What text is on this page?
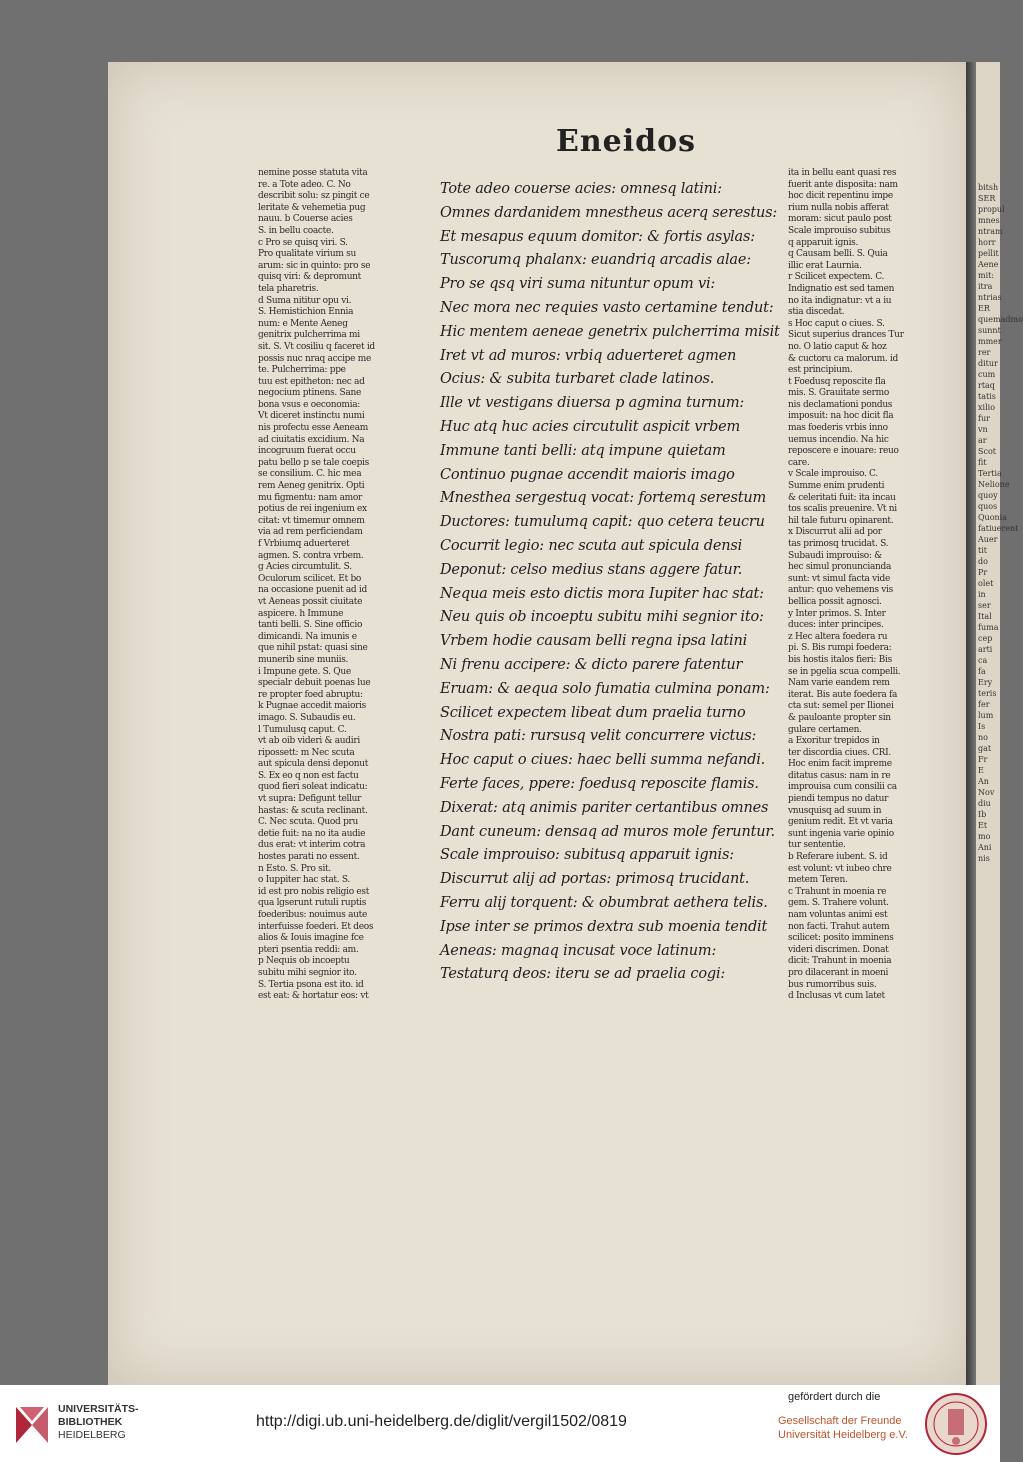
bitsh
SER
propul
mnes
ntram
horr
pellit
Aene
mit:
itra
ntrias
ER
quemadmo
sunnt
mmer
rer
ditur
cum
rtaq
tatis
xilio
fur
vn
ar
Scot
fit
Tertia
Nelione
quoy
quos
Quonia
fatiuerent
Auer
tit
do
Pr
olet
in
ser
Ital
fuma
cep
arti
ca
fa
Ery
teris
fer
lum
Is
no
gat
Fr
E
An
Nov
diu
Ib
Et
mo
Ani
nis
Eneidos
nemine posse statuta vita
re. a Tote adeo. C. No
describit solu: sz pingit ce
leritate & vehemetia pug
nauu. b Couerse acies
S. in bellu coacte.
c Pro se quisq viri. S.
Pro qualitate virium su
arum: sic in quinto: pro se
quisq viri: & depromunt
tela pharetris.
d Suma nititur opu vi.
S. Hemistichion Ennia
num: e Mente Aeneg
genitrix pulcherrima mi
sit. S. Vt cosiliu q faceret id
possis nuc nraq accipe me
te. Pulcherrima: ppe
tuu est epitheton: nec ad
negocium ptinens. Sane
bona vsus e oeconomia:
Vt diceret instinctu numi
nis profectu esse Aeneam
ad ciuitatis excidium. Na
incogruum fuerat occu
patu bello p se tale coepis
se consilium. C. hic mea
rem Aeneg genitrix. Opti
mu figmentu: nam amor
potius de rei ingenium ex
citat: vt timemur omnem
via ad rem perficiendam
f Vrbiumq aduerteret
agmen. S. contra vrbem.
g Acies circumtulit. S.
Oculorum scilicet. Et bo
na occasione puenit ad id
vt Aeneas possit ciuitate
aspicere. h Immune
tanti belli. S. Sine officio
dimicandi. Na imunis e
que nihil pstat: quasi sine
munerib sine muniis.
i Impune gete. S. Que
specialr debuit poenas lue
re propter foed abruptu:
k Pugnae accedit maioris
imago. S. Subaudis eu.
l Tumulusq caput. C.
vt ab oib videri & audiri
ripossett: m Nec scuta
aut spicula densi deponut
S. Ex eo q non est factu
quod fieri soleat indicatu:
vt supra: Defigunt tellur
hastas: & scuta reclinant.
C. Nec scuta. Quod pru
detie fuit: na no ita audie
dus erat: vt interim cotra
hostes parati no essent.
n Esto. S. Pro sit.
o Iuppiter hac stat. S.
id est pro nobis religio est
qua lgserunt rutuli ruptis
foederibus: nouimus aute
interfuisse foederi. Et deos
alios & Iouis imagine fce
pteri psentia reddi: am.
p Nequis ob incoeptu
subitu mihi segnior ito.
S. Tertia psona est ito. id
est eat: & hortatur eos: vt
Tote adeo couerse acies: omnesq latini:
Omnes dardanidem mnestheus acerq serestus:
Et mesapus equum domitor: & fortis asylas:
Tuscorumq phalanx: euandriq arcadis alae:
Pro se qsq viri suma nituntur opum vi:
Nec mora nec requies vasto certamine tendut:
Hic mentem aeneae genetrix pulcherrima misit
Iret vt ad muros: vrbiq aduerteret agmen
Ocius: & subita turbaret clade latinos.
Ille vt vestigans diuersa p agmina turnum:
Huc atq huc acies circutulit aspicit vrbem
Immune tanti belli: atq impune quietam
Continuo pugnae accendit maioris imago
Mnesthea sergestuq vocat: fortemq serestum
Ductores: tumulumq capit: quo cetera teucru
Cocurrit legio: nec scuta aut spicula densi
Deponut: celso medius stans aggere fatur.
Nequa meis esto dictis mora Iupiter hac stat:
Neu quis ob incoeptu subitu mihi segnior ito:
Vrbem hodie causam belli regna ipsa latini
Ni frenu accipere: & dicto parere fatentur
Eruam: & aequa solo fumatia culmina ponam:
Scilicet expectem libeat dum praelia turno
Nostra pati: rursusq velit concurrere victus:
Hoc caput o ciues: haec belli summa nefandi.
Ferte faces, ppere: foedusq reposcite flamis.
Dixerat: atq animis pariter certantibus omnes
Dant cuneum: densaq ad muros mole feruntur.
Scale improuiso: subitusq apparuit ignis:
Discurrut alij ad portas: primosq trucidant.
Ferru alij torquent: & obumbrat aethera telis.
Ipse inter se primos dextra sub moenia tendit
Aeneas: magnaq incusat voce latinum:
Testaturq deos: iteru se ad praelia cogi:
ita in bellu eant quasi res
fuerit ante disposita: nam
hoc dicit repentinu impe
rium nulla nobis afferat
moram: sicut paulo post
Scale improuiso subitus
q apparuit ignis.
q Causam belli. S. Quia
illic erat Laurnia.
r Scilicet expectem. C.
Indignatio est sed tamen
no ita indignatur: vt a iu
stia discedat.
s Hoc caput o ciues. S.
Sicut superius drances Tur
no. O latio caput & hoz
& cuctoru ca malorum. id
est principium.
t Foedusq reposcite fla
mis. S. Grauitate sermo
nis declamationi pondus
imposuit: na hoc dicit fla
mas foederis vrbis inno
uemus incendio. Na hic
reposcere e inouare: reuo
care.
v Scale improuiso. C.
Summe enim prudenti
& celeritati fuit: ita incau
tos scalis preuenire. Vt ni
hil tale futuru opinarent.
x Discurrut alii ad por
tas primosq trucidat. S.
Subaudi improuiso: &
hec simul pronuncianda
sunt: vt simul facta vide
antur: quo vehemens vis
bellica possit agnosci.
y Inter primos. S. Inter
duces: inter principes.
z Hec altera foedera ru
pi. S. Bis rumpi foedera:
bis hostis italos fieri: Bis
se in pgelia scua compelli.
Nam varie eandem rem
iterat. Bis aute foedera fa
cta sut: semel per Ilionei
& pauloante propter sin
gulare certamen.
a Exoritur trepidos in
ter discordia ciues. CRI.
Hoc enim facit impreme
ditatus casus: nam in re
improuisa cum consilii ca
piendi tempus no datur
vnusquisq ad suum in
genium redit. Et vt varia
sunt ingenia varie opinio
tur sententie.
b Referare iubent. S. id
est volunt: vt iubeo chre
metem Teren.
c Trahunt in moenia re
gem. S. Trahere volunt.
nam voluntas animi est
non facti. Trahut autem
scilicet: posito imminens
videri discrimen. Donat
dicit: Trahunt in moenia
pro dilacerant in moeni
bus rumorribus suis.
d Inclusas vt cum latet
UNIVERSITÄTS-
BIBLIOTHEK
HEIDELBERG
http://digi.ub.uni-heidelberg.de/diglit/vergil1502/0819
gefördert durch die
Gesellschaft der Freunde
Universität Heidelberg e.V.
